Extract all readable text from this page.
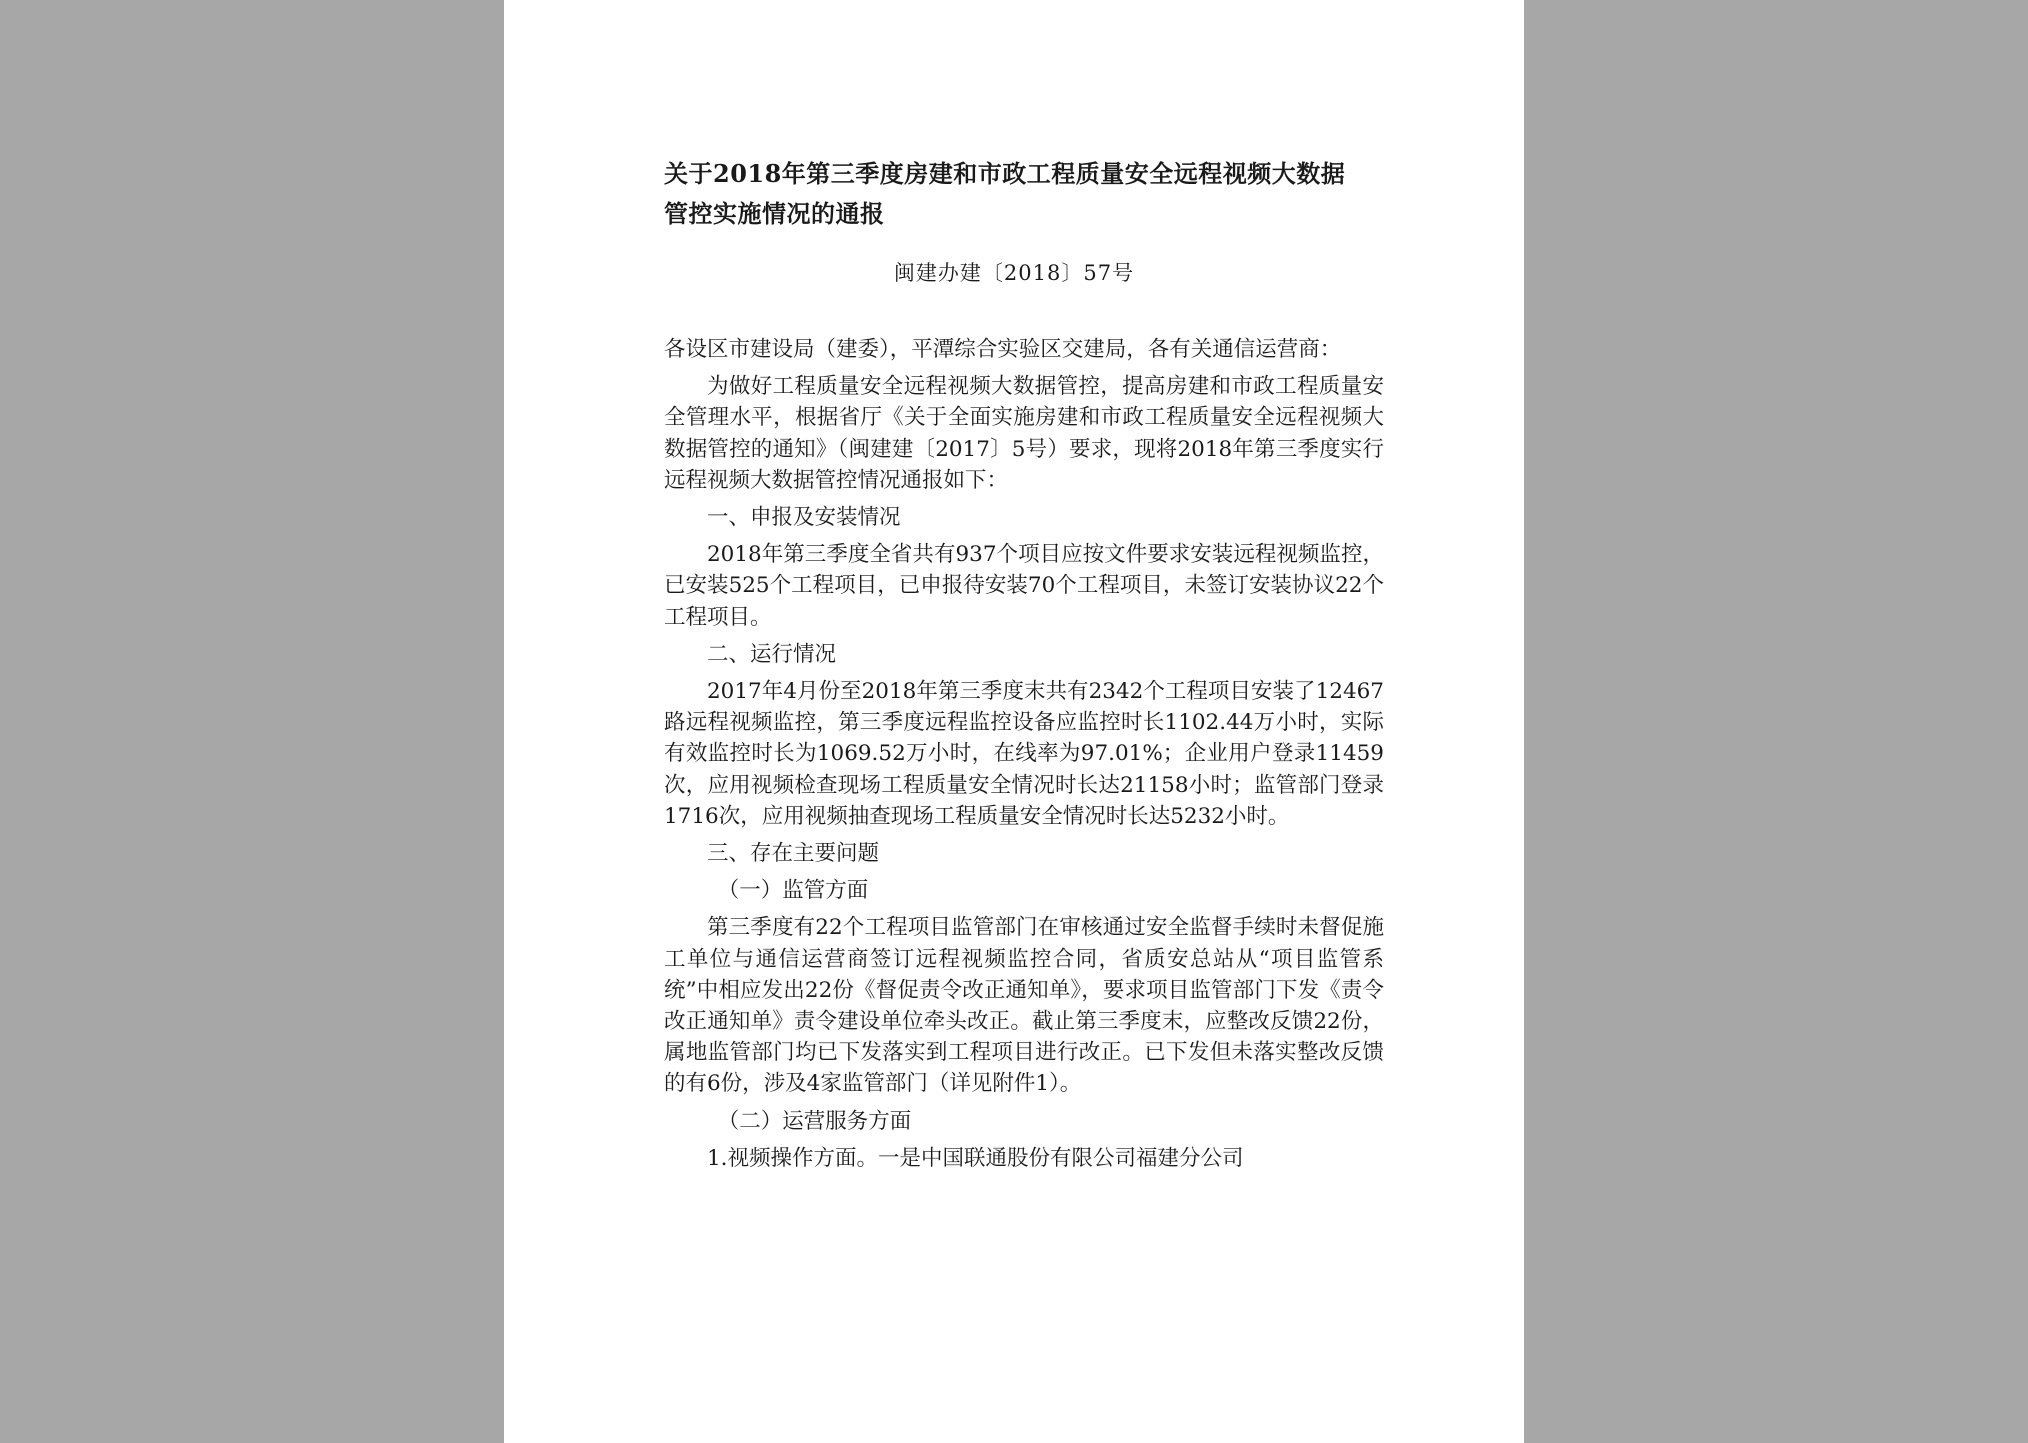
关于2018年第三季度房建和市政工程质量安全远程视频大数据管控实施情况的通报
闽建办建〔2018〕57号

各设区市建设局（建委），平潭综合实验区交建局，各有关通信运营商：

为做好工程质量安全远程视频大数据管控，提高房建和市政工程质量安全管理水平，根据省厅《关于全面实施房建和市政工程质量安全远程视频大数据管控的通知》（闽建建〔2017〕5号）要求，现将2018年第三季度实行远程视频大数据管控情况通报如下：

一、申报及安装情况

2018年第三季度全省共有937个项目应按文件要求安装远程视频监控，已安装525个工程项目，已申报待安装70个工程项目，未签订安装协议22个工程项目。

二、运行情况

2017年4月份至2018年第三季度末共有2342个工程项目安装了12467路远程视频监控，第三季度远程监控设备应监控时长1102.44万小时，实际有效监控时长为1069.52万小时，在线率为97.01%；企业用户登录11459次，应用视频检查现场工程质量安全情况时长达21158小时；监管部门登录1716次，应用视频抽查现场工程质量安全情况时长达5232小时。

三、存在主要问题

（一）监管方面

第三季度有22个工程项目监管部门在审核通过安全监督手续时未督促施工单位与通信运营商签订远程视频监控合同，省质安总站从“项目监管系统”中相应发出22份《督促责令改正通知单》，要求项目监管部门下发《责令改正通知单》责令建设单位牵头改正。截止第三季度末，应整改反馈22份，属地监管部门均已下发落实到工程项目进行改正。已下发但未落实整改反馈的有6份，涉及4家监管部门（详见附件1）。

（二）运营服务方面

1.视频操作方面。一是中国联通股份有限公司福建分公司
